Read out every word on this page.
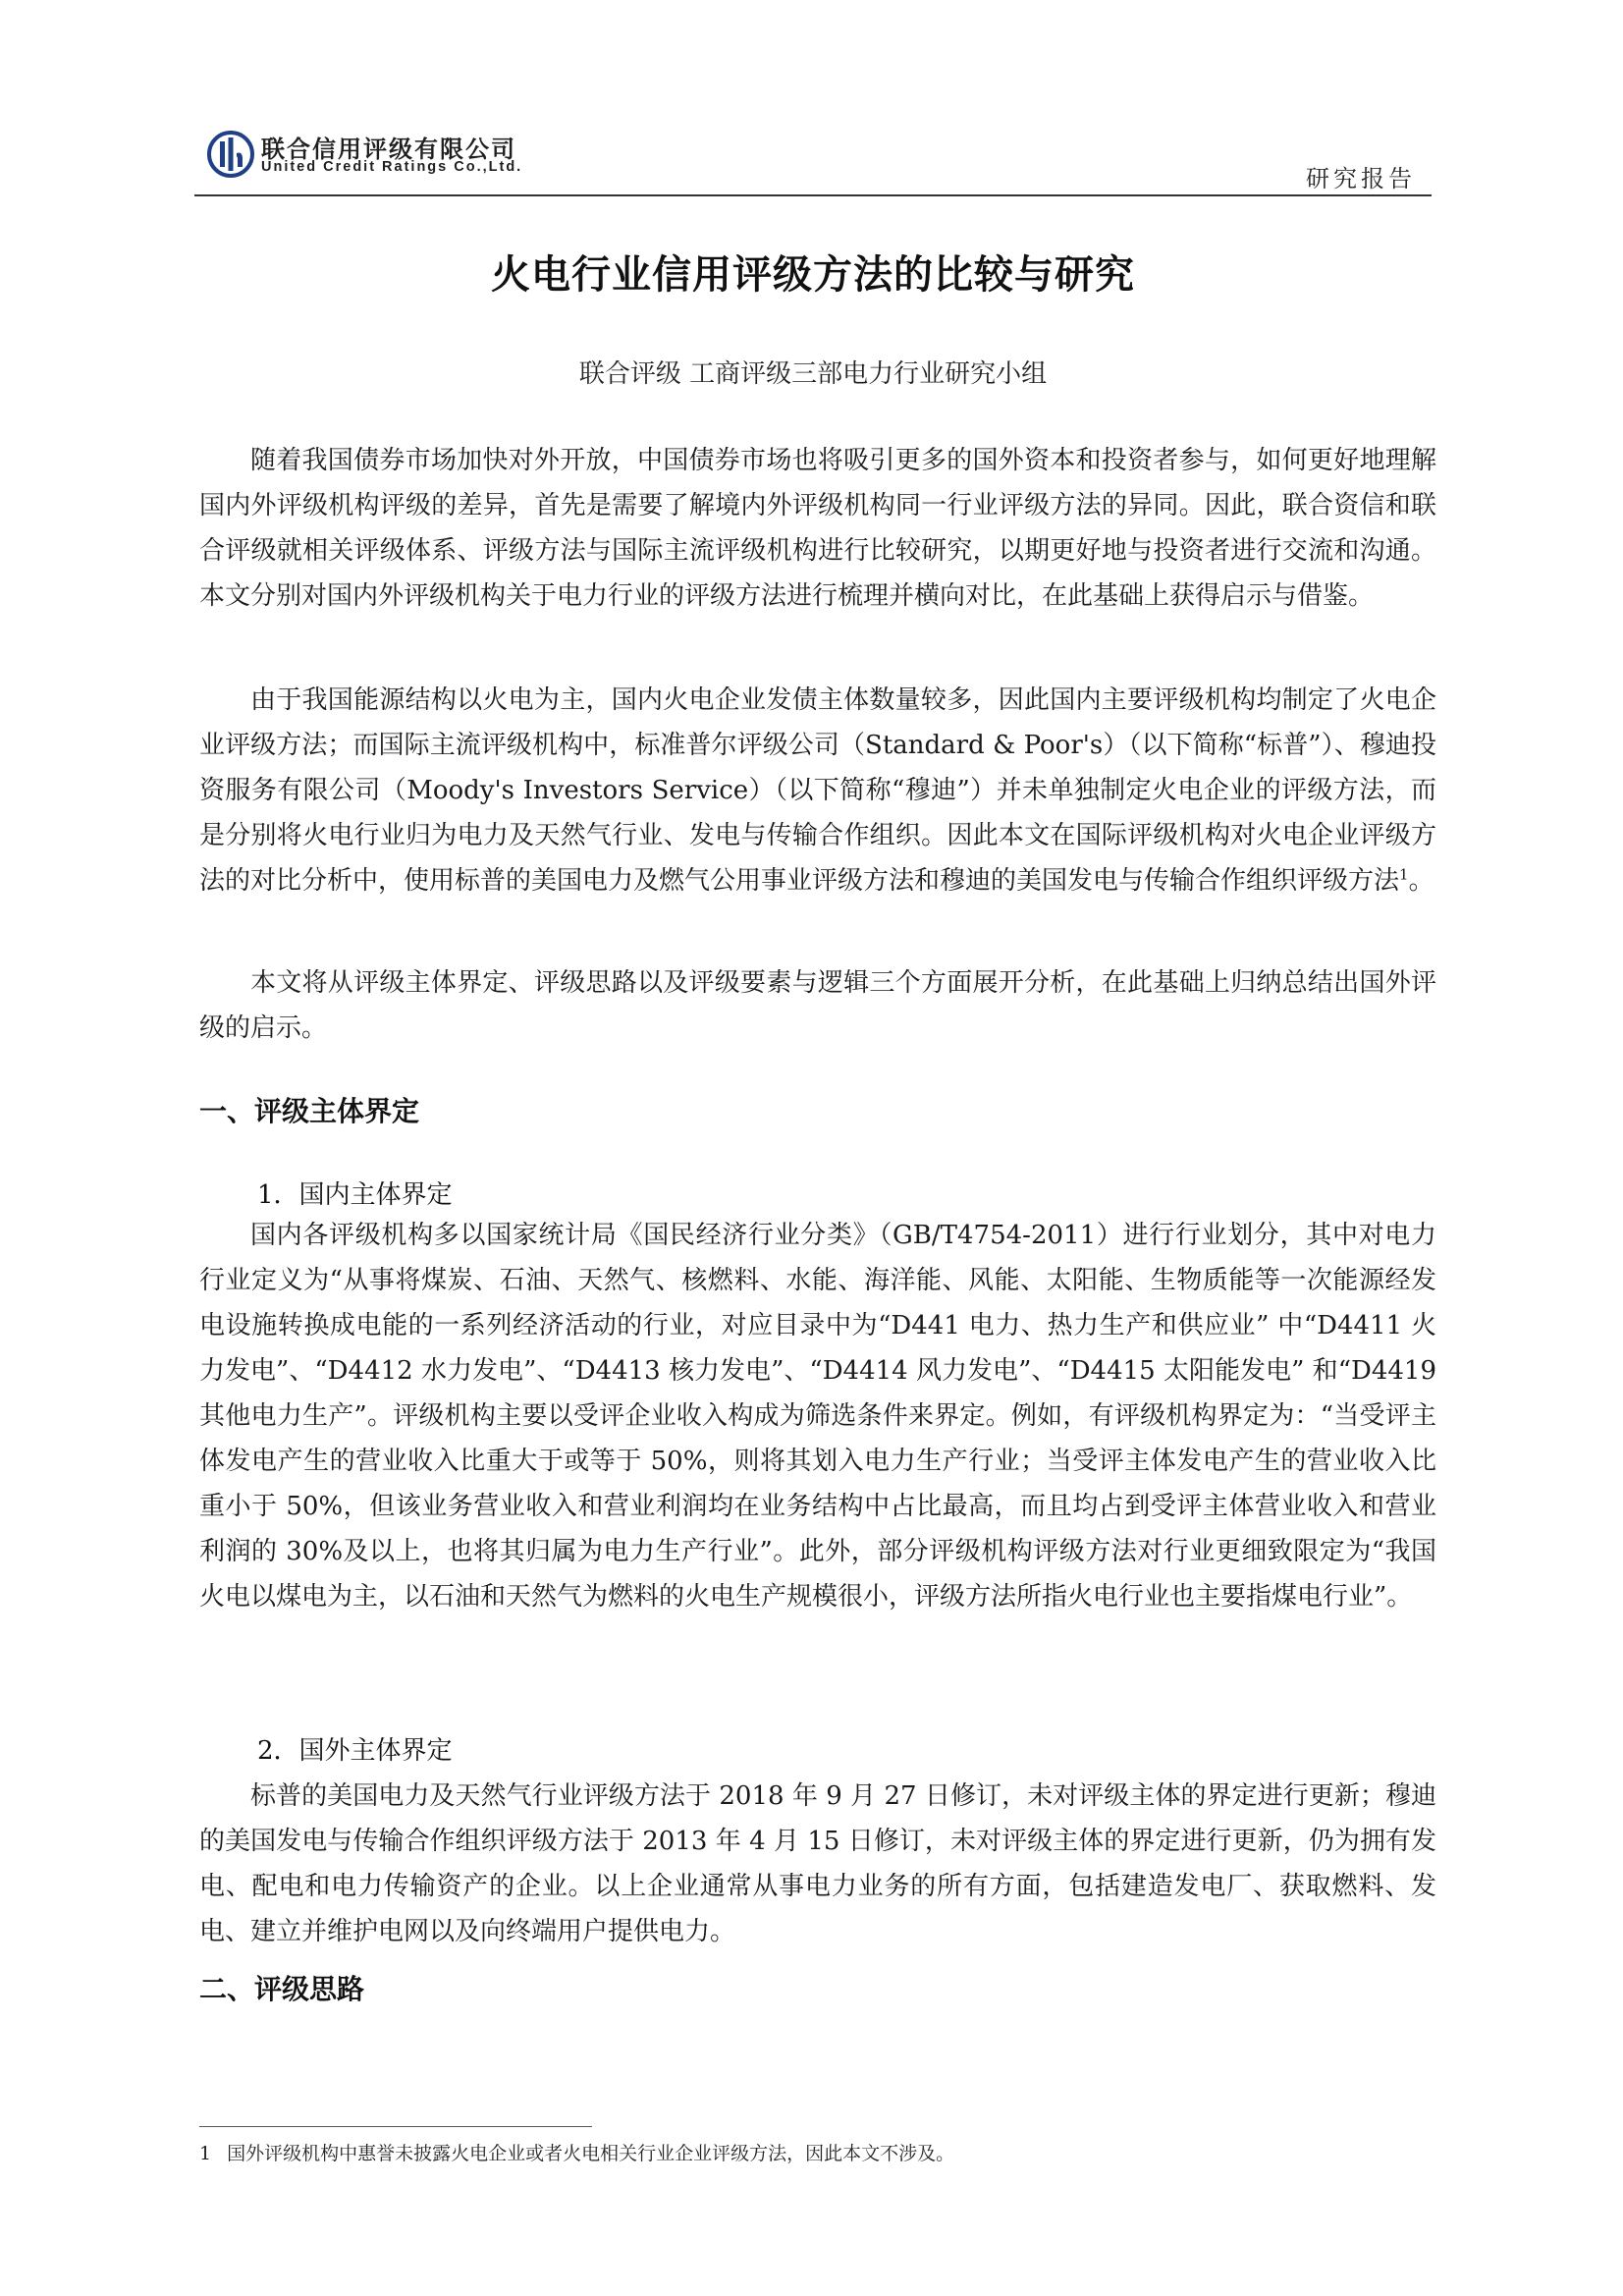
联合信用评级有限公司
United Credit Ratings Co.,Ltd.	研究报告
火电行业信用评级方法的比较与研究
联合评级 工商评级三部电力行业研究小组

随着我国债券市场加快对外开放，中国债券市场也将吸引更多的国外资本和投资者参与，如何更好地理解国内外评级机构评级的差异，首先是需要了解境内外评级机构同一行业评级方法的异同。因此，联合资信和联合评级就相关评级体系、评级方法与国际主流评级机构进行比较研究，以期更好地与投资者进行交流和沟通。本文分别对国内外评级机构关于电力行业的评级方法进行梳理并横向对比，在此基础上获得启示与借鉴。

由于我国能源结构以火电为主，国内火电企业发债主体数量较多，因此国内主要评级机构均制定了火电企业评级方法；而国际主流评级机构中，标准普尔评级公司（Standard & Poor's）（以下简称“标普”）、穆迪投资服务有限公司（Moody's Investors Service）（以下简称“穆迪”）并未单独制定火电企业的评级方法，而是分别将火电行业归为电力及天然气行业、发电与传输合作组织。因此本文在国际评级机构对火电企业评级方法的对比分析中，使用标普的美国电力及燃气公用事业评级方法和穆迪的美国发电与传输合作组织评级方法$^1$。

本文将从评级主体界定、评级思路以及评级要素与逻辑三个方面展开分析，在此基础上归纳总结出国外评级的启示。

一、评级主体界定
1．国内主体界定

国内各评级机构多以国家统计局《国民经济行业分类》（GB/T4754-2011）进行行业划分，其中对电力行业定义为“从事将煤炭、石油、天然气、核燃料、水能、海洋能、风能、太阳能、生物质能等一次能源经发电设施转换成电能的一系列经济活动的行业，对应目录中为“D441 电力、热力生产和供应业” 中“D4411 火力发电”、“D4412 水力发电”、“D4413 核力发电”、“D4414 风力发电”、“D4415 太阳能发电” 和“D4419 其他电力生产”。评级机构主要以受评企业收入构成为筛选条件来界定。例如，有评级机构界定为：“当受评主体发电产生的营业收入比重大于或等于 50%，则将其划入电力生产行业；当受评主体发电产生的营业收入比重小于 50%，但该业务营业收入和营业利润均在业务结构中占比最高，而且均占到受评主体营业收入和营业利润的 30%及以上，也将其归属为电力生产行业”。此外，部分评级机构评级方法对行业更细致限定为“我国火电以煤电为主，以石油和天然气为燃料的火电生产规模很小，评级方法所指火电行业也主要指煤电行业”。

2．国外主体界定

标普的美国电力及天然气行业评级方法于 2018 年 9 月 27 日修订，未对评级主体的界定进行更新；穆迪的美国发电与传输合作组织评级方法于 2013 年 4 月 15 日修订，未对评级主体的界定进行更新，仍为拥有发电、配电和电力传输资产的企业。以上企业通常从事电力业务的所有方面，包括建造发电厂、获取燃料、发电、建立并维护电网以及向终端用户提供电力。

二、评级思路
1 国外评级机构中惠誉未披露火电企业或者火电相关行业企业评级方法，因此本文不涉及。
